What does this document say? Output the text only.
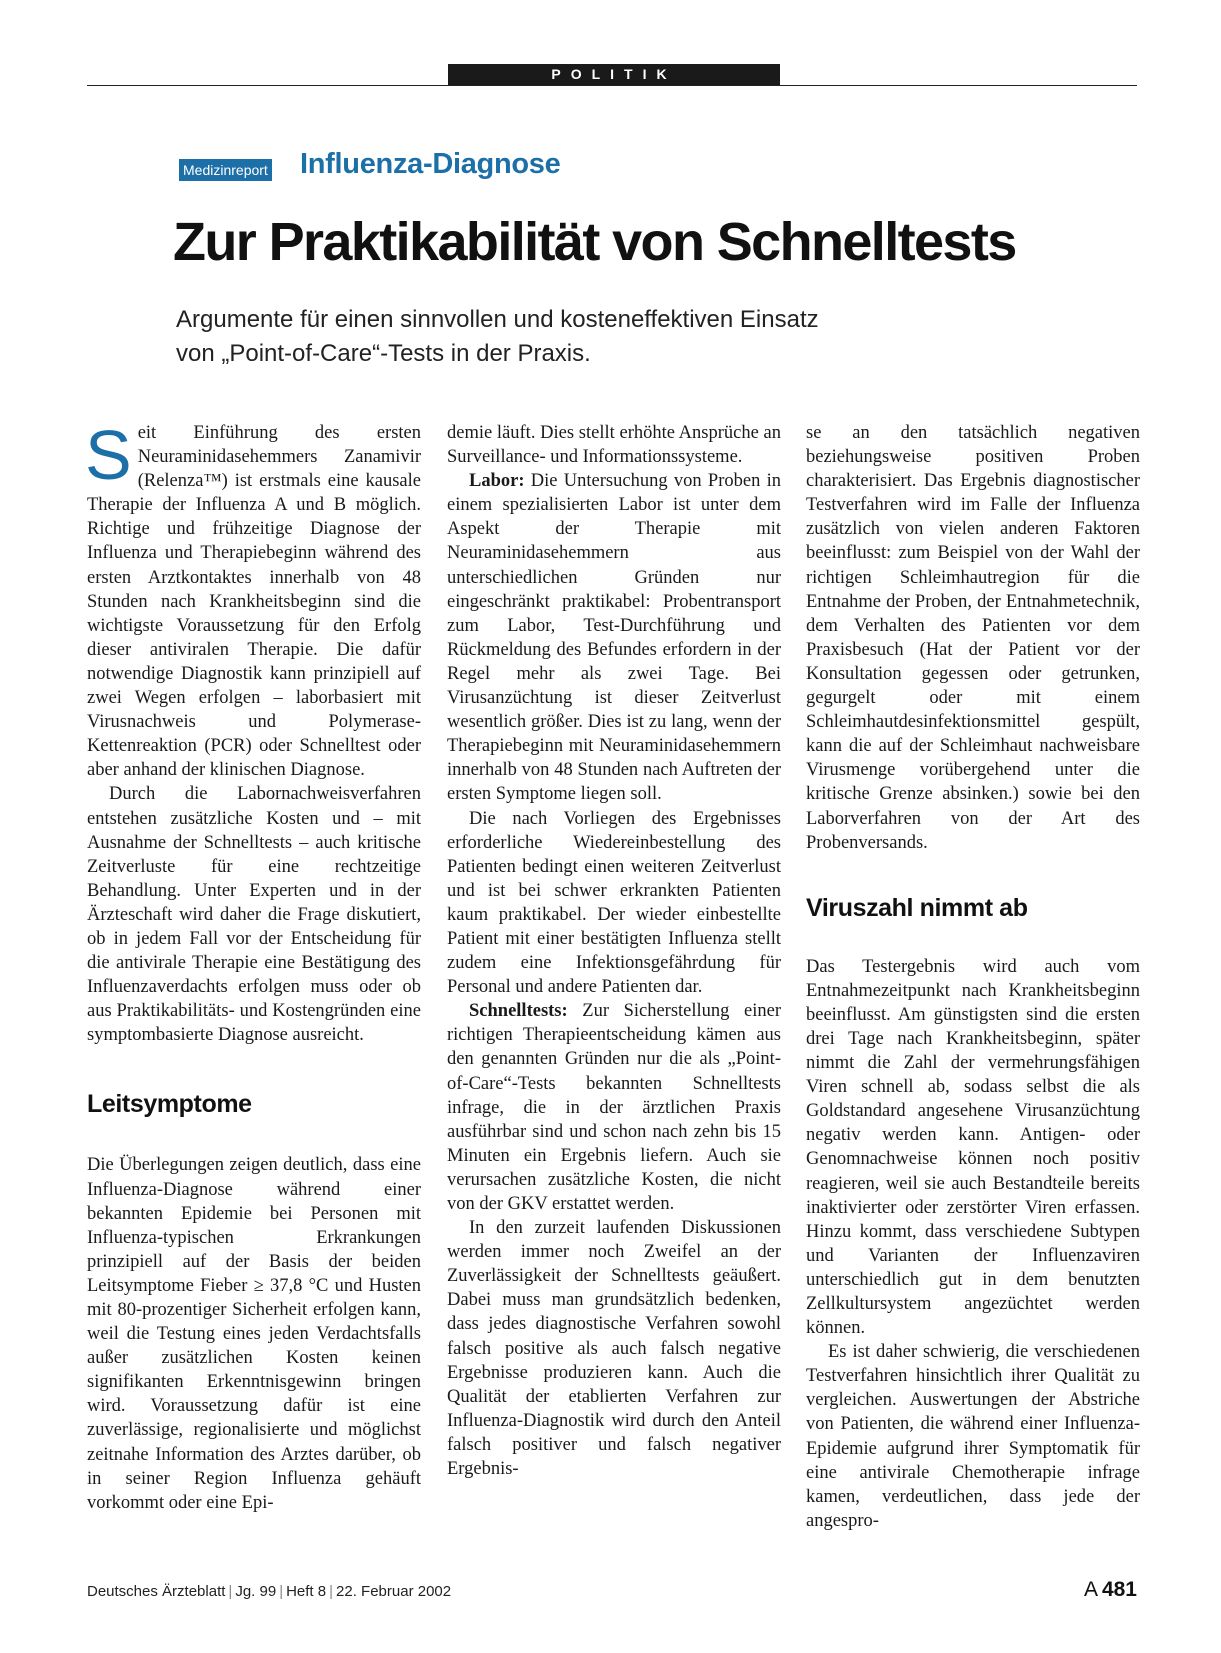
POLITIK
Medizinreport Influenza-Diagnose
Zur Praktikabilität von Schnelltests
Argumente für einen sinnvollen und kosteneffektiven Einsatz
von „Point-of-Care“-Tests in der Praxis.

Seit Einführung des ersten Neuraminidasehemmers Zanamivir (Relenza™) ist erstmals eine kausale Therapie der Influenza A und B möglich. Richtige und frühzeitige Diagnose der Influenza und Therapiebeginn während des ersten Arztkontaktes innerhalb von 48 Stunden nach Krankheitsbeginn sind die wichtigste Voraussetzung für den Erfolg dieser antiviralen Therapie. Die dafür notwendige Diagnostik kann prinzipiell auf zwei Wegen erfolgen – laborbasiert mit Virusnachweis und Polymerase-Kettenreaktion (PCR) oder Schnelltest oder aber anhand der klinischen Diagnose.

Durch die Labornachweisverfahren entstehen zusätzliche Kosten und – mit Ausnahme der Schnelltests – auch kritische Zeitverluste für eine rechtzeitige Behandlung. Unter Experten und in der Ärzteschaft wird daher die Frage diskutiert, ob in jedem Fall vor der Entscheidung für die antivirale Therapie eine Bestätigung des Influenzaverdachts erfolgen muss oder ob aus Praktikabilitäts- und Kostengründen eine symptombasierte Diagnose ausreicht.

Leitsymptome

Die Überlegungen zeigen deutlich, dass eine Influenza-Diagnose während einer bekannten Epidemie bei Personen mit Influenza-typischen Erkrankungen prinzipiell auf der Basis der beiden Leitsymptome Fieber ≥ 37,8 °C und Husten mit 80-prozentiger Sicherheit erfolgen kann, weil die Testung eines jeden Verdachtsfalls außer zusätzlichen Kosten keinen signifikanten Erkenntnisgewinn bringen wird. Voraussetzung dafür ist eine zuverlässige, regionalisierte und möglichst zeitnahe Information des Arztes darüber, ob in seiner Region Influenza gehäuft vorkommt oder eine Epi-

demie läuft. Dies stellt erhöhte Ansprüche an Surveillance- und Informationssysteme.

Labor: Die Untersuchung von Proben in einem spezialisierten Labor ist unter dem Aspekt der Therapie mit Neuraminidasehemmern aus unterschiedlichen Gründen nur eingeschränkt praktikabel: Probentransport zum Labor, Test-Durchführung und Rückmeldung des Befundes erfordern in der Regel mehr als zwei Tage. Bei Virusanzüchtung ist dieser Zeitverlust wesentlich größer. Dies ist zu lang, wenn der Therapiebeginn mit Neuraminidasehemmern innerhalb von 48 Stunden nach Auftreten der ersten Symptome liegen soll.

Die nach Vorliegen des Ergebnisses erforderliche Wiedereinbestellung des Patienten bedingt einen weiteren Zeitverlust und ist bei schwer erkrankten Patienten kaum praktikabel. Der wieder einbestellte Patient mit einer bestätigten Influenza stellt zudem eine Infektionsgefährdung für Personal und andere Patienten dar.

Schnelltests: Zur Sicherstellung einer richtigen Therapieentscheidung kämen aus den genannten Gründen nur die als „Point-of-Care“-Tests bekannten Schnelltests infrage, die in der ärztlichen Praxis ausführbar sind und schon nach zehn bis 15 Minuten ein Ergebnis liefern. Auch sie verursachen zusätzliche Kosten, die nicht von der GKV erstattet werden.

In den zurzeit laufenden Diskussionen werden immer noch Zweifel an der Zuverlässigkeit der Schnelltests geäußert. Dabei muss man grundsätzlich bedenken, dass jedes diagnostische Verfahren sowohl falsch positive als auch falsch negative Ergebnisse produzieren kann. Auch die Qualität der etablierten Verfahren zur Influenza-Diagnostik wird durch den Anteil falsch positiver und falsch negativer Ergebnis-

se an den tatsächlich negativen beziehungsweise positiven Proben charakterisiert. Das Ergebnis diagnostischer Testverfahren wird im Falle der Influenza zusätzlich von vielen anderen Faktoren beeinflusst: zum Beispiel von der Wahl der richtigen Schleimhautregion für die Entnahme der Proben, der Entnahmetechnik, dem Verhalten des Patienten vor dem Praxisbesuch (Hat der Patient vor der Konsultation gegessen oder getrunken, gegurgelt oder mit einem Schleimhautdesinfektionsmittel gespült, kann die auf der Schleimhaut nachweisbare Virusmenge vorübergehend unter die kritische Grenze absinken.) sowie bei den Laborverfahren von der Art des Probenversands.

Viruszahl nimmt ab

Das Testergebnis wird auch vom Entnahmezeitpunkt nach Krankheitsbeginn beeinflusst. Am günstigsten sind die ersten drei Tage nach Krankheitsbeginn, später nimmt die Zahl der vermehrungsfähigen Viren schnell ab, sodass selbst die als Goldstandard angesehene Virusanzüchtung negativ werden kann. Antigen- oder Genomnachweise können noch positiv reagieren, weil sie auch Bestandteile bereits inaktivierter oder zerstörter Viren erfassen. Hinzu kommt, dass verschiedene Subtypen und Varianten der Influenzaviren unterschiedlich gut in dem benutzten Zellkultursystem angezüchtet werden können.

Es ist daher schwierig, die verschiedenen Testverfahren hinsichtlich ihrer Qualität zu vergleichen. Auswertungen der Abstriche von Patienten, die während einer Influenza-Epidemie aufgrund ihrer Symptomatik für eine antivirale Chemotherapie infrage kamen, verdeutlichen, dass jede der angespro-

Deutsches Ärzteblatt | Jg. 99 | Heft 8 | 22. Februar 2002	A 481
